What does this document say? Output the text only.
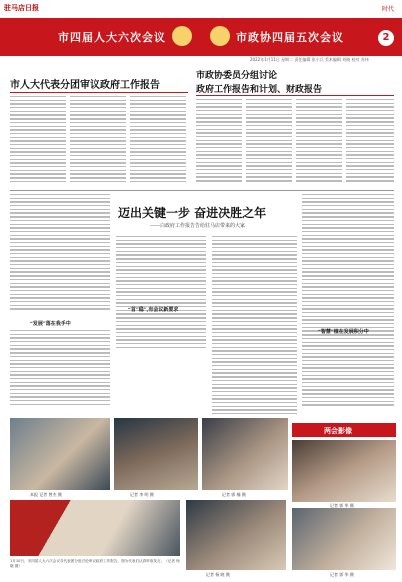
驻马店日报	时代
市四届人大六次会议	市政协四届五次会议	2
2022年1月11日 星期二 责任编辑 张小兵 美术编辑 刘晓 校对 苏伟
市人大代表分团审议政府工作报告
市政协委员分组讨论
政府工作报告和计划、财政报告
迈出关键一步 奋进决胜之年
——白政府工作报告告给驻马店带来的大家
“发展”落在我手中
“首”稳”,有会议新要求
“智慧”植在发展积分中
本报 记者 曾杰 摄	记者 李 明 摄	记者 郭 楠 摄
两会影像
记者 郭 华 摄
记者 杨 晓 摄	记者 郭 华 摄
1月10日，市四届人大六次会议各代表团分组讨论审议政府工作报告。图为代表们认真听取发言。（记者 杨晓 摄）
